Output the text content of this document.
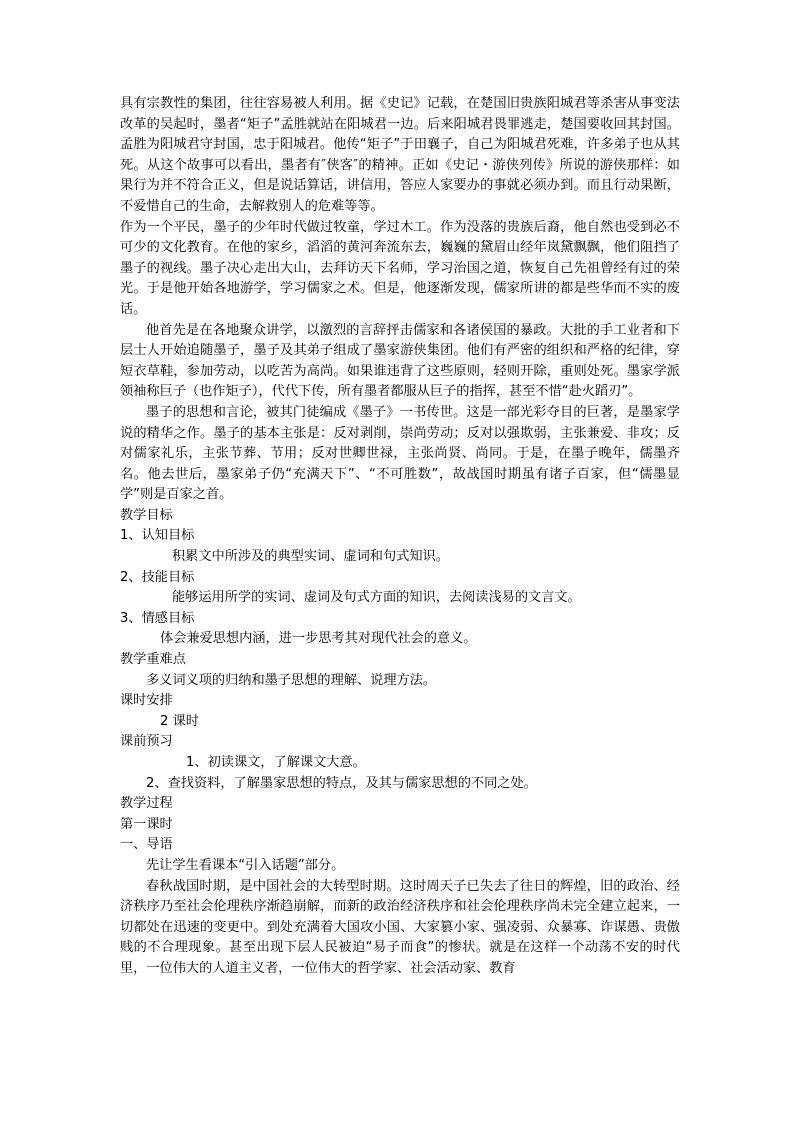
具有宗教性的集团，往往容易被人利用。据《史记》记载，在楚国旧贵族阳城君等杀害从事变法改革的吴起时，墨者“矩子”孟胜就站在阳城君一边。后来阳城君畏罪逃走，楚国要收回其封国。孟胜为阳城君守封国，忠于阳城君。他传“矩子”于田襄子，自己为阳城君死难，许多弟子也从其死。从这个故事可以看出，墨者有″侠客″的精神。正如《史记・游侠列传》所说的游侠那样：如果行为并不符合正义，但是说话算话，讲信用，答应人家要办的事就必须办到。而且行动果断，不爱惜自己的生命，去解救别人的危难等等。

作为一个平民，墨子的少年时代做过牧童，学过木工。作为没落的贵族后裔，他自然也受到必不可少的文化教育。在他的家乡，滔滔的黄河奔流东去，巍巍的黛眉山经年岚黛飘飘，他们阻挡了墨子的视线。墨子决心走出大山，去拜访天下名师，学习治国之道，恢复自己先祖曾经有过的荣光。于是他开始各地游学，学习儒家之术。但是，他逐渐发现，儒家所讲的都是些华而不实的废话。

他首先是在各地聚众讲学，以激烈的言辞抨击儒家和各诸侯国的暴政。大批的手工业者和下层士人开始追随墨子，墨子及其弟子组成了墨家游侠集团。他们有严密的组织和严格的纪律，穿短衣草鞋，参加劳动，以吃苦为高尚。如果谁违背了这些原则，轻则开除，重则处死。墨家学派领袖称巨子（也作矩子），代代下传，所有墨者都服从巨子的指挥，甚至不惜“赴火蹈刃”。

墨子的思想和言论，被其门徒编成《墨子》一书传世。这是一部光彩夺目的巨著，是墨家学说的精华之作。墨子的基本主张是：反对剥削，崇尚劳动；反对以强欺弱，主张兼爱、非攻；反对儒家礼乐，主张节葬、节用；反对世卿世禄，主张尚贤、尚同。于是，在墨子晚年，儒墨齐名。他去世后，墨家弟子仍“充满天下”、“不可胜数”，故战国时期虽有诸子百家，但“儒墨显学”则是百家之首。

教学目标

1、认知目标

积累文中所涉及的典型实词、虚词和句式知识。

2、技能目标

能够运用所学的实词、虚词及句式方面的知识，去阅读浅易的文言文。

3、情感目标

体会兼爱思想内涵，进一步思考其对现代社会的意义。

教学重难点

多义词义项的归纳和墨子思想的理解、说理方法。

课时安排

2 课时

课前预习

1、初读课文，了解课文大意。

2、查找资料，了解墨家思想的特点，及其与儒家思想的不同之处。

教学过程

第一课时

一、导语

先让学生看课本“引入话题”部分。

春秋战国时期，是中国社会的大转型时期。这时周天子已失去了往日的辉煌，旧的政治、经济秩序乃至社会伦理秩序渐趋崩解，而新的政治经济秩序和社会伦理秩序尚未完全建立起来，一切都处在迅速的变更中。到处充满着大国攻小国、大家篡小家、强凌弱、众暴寡、诈谋愚、贵傲贱的不合理现象。甚至出现下层人民被迫“易子而食”的惨状。就是在这样一个动荡不安的时代里，一位伟大的人道主义者，一位伟大的哲学家、社会活动家、教育
